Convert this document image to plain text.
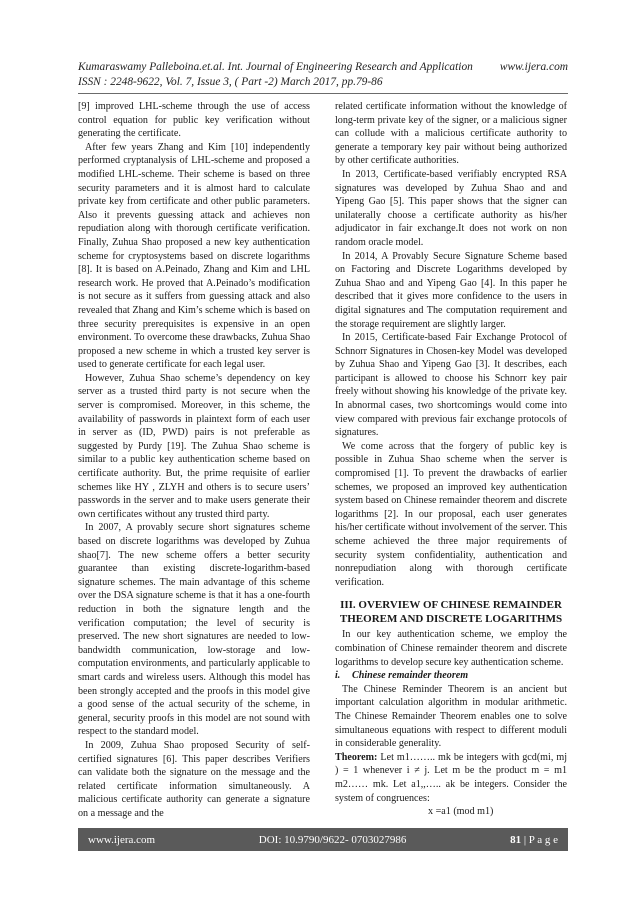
Kumaraswamy Palleboina.et.al. Int. Journal of Engineering Research and Application www.ijera.com
ISSN : 2248-9622, Vol. 7, Issue 3, ( Part -2) March 2017, pp.79-86

[9] improved LHL-scheme through the use of access control equation for public key verification without generating the certificate.

After few years Zhang and Kim [10] independently performed cryptanalysis of LHL-scheme and proposed a modified LHL-scheme. Their scheme is based on three security parameters and it is almost hard to calculate private key from certificate and other public parameters. Also it prevents guessing attack and achieves non repudiation along with thorough certificate verification. Finally, Zuhua Shao proposed a new key authentication scheme for cryptosystems based on discrete logarithms [8]. It is based on A.Peinado, Zhang and Kim and LHL research work. He proved that A.Peinado’s modification is not secure as it suffers from guessing attack and also revealed that Zhang and Kim’s scheme which is based on three security prerequisites is expensive in an open environment. To overcome these drawbacks, Zuhua Shao proposed a new scheme in which a trusted key server is used to generate certificate for each legal user.

However, Zuhua Shao scheme’s dependency on key server as a trusted third party is not secure when the server is compromised. Moreover, in this scheme, the availability of passwords in plaintext form of each user in server as (ID, PWD) pairs is not preferable as suggested by Purdy [19]. The Zuhua Shao scheme is similar to a public key authentication scheme based on certificate authority. But, the prime requisite of earlier schemes like HY , ZLYH and others is to secure users’ passwords in the server and to make users generate their own certificates without any trusted third party.

In 2007, A provably secure short signatures scheme based on discrete logarithms was developed by Zuhua shao[7]. The new scheme offers a better security guarantee than existing discrete-logarithm-based signature schemes. The main advantage of this scheme over the DSA signature scheme is that it has a one-fourth reduction in both the signature length and the verification computation; the level of security is preserved. The new short signatures are needed to low-bandwidth communication, low-storage and low-computation environments, and particularly applicable to smart cards and wireless users. Although this model has been strongly accepted and the proofs in this model give a good sense of the actual security of the scheme, in general, security proofs in this model are not sound with respect to the standard model.

In 2009, Zuhua Shao proposed Security of self-certified signatures [6]. This paper describes Verifiers can validate both the signature on the message and the related certificate information simultaneously. A malicious certificate authority can generate a signature on a message and the

related certificate information without the knowledge of long-term private key of the signer, or a malicious signer can collude with a malicious certificate authority to generate a temporary key pair without being authorized by other certificate authorities.

In 2013, Certificate-based verifiably encrypted RSA signatures was developed by Zuhua Shao and and Yipeng Gao [5]. This paper shows that the signer can unilaterally choose a certificate authority as his/her adjudicator in fair exchange.It does not work on non random oracle model.

In 2014, A Provably Secure Signature Scheme based on Factoring and Discrete Logarithms developed by Zuhua Shao and and Yipeng Gao [4]. In this paper he described that it gives more confidence to the users in digital signatures and The computation requirement and the storage requirement are slightly larger.

In 2015, Certificate-based Fair Exchange Protocol of Schnorr Signatures in Chosen-key Model was developed by Zuhua Shao and Yipeng Gao [3]. It describes, each participant is allowed to choose his Schnorr key pair freely without showing his knowledge of the private key. In abnormal cases, two shortcomings would come into view compared with previous fair exchange protocols of signatures.

We come across that the forgery of public key is possible in Zuhua Shao scheme when the server is compromised [1]. To prevent the drawbacks of earlier schemes, we proposed an improved key authentication system based on Chinese remainder theorem and discrete logarithms [2]. In our proposal, each user generates his/her certificate without involvement of the server. This scheme achieved the three major requirements of security system confidentiality, authentication and nonrepudiation along with thorough certificate verification.

III. OVERVIEW OF CHINESE REMAINDER THEOREM AND DISCRETE LOGARITHMS

In our key authentication scheme, we employ the combination of Chinese remainder theorem and discrete logarithms to develop secure key authentication scheme.

i. Chinese remainder theorem

The Chinese Reminder Theorem is an ancient but important calculation algorithm in modular arithmetic. The Chinese Remainder Theorem enables one to solve simultaneous equations with respect to different moduli in considerable generality.

Theorem: Let m1…….. mk be integers with gcd(mi, mj ) = 1 whenever i ≠ j. Let m be the product m = m1 m2…… mk. Let a1,,….. ak be integers. Consider the system of congruences:

x =a1 (mod m1)

www.ijera.com	DOI: 10.9790/9622- 0703027986	81 | P a g e
